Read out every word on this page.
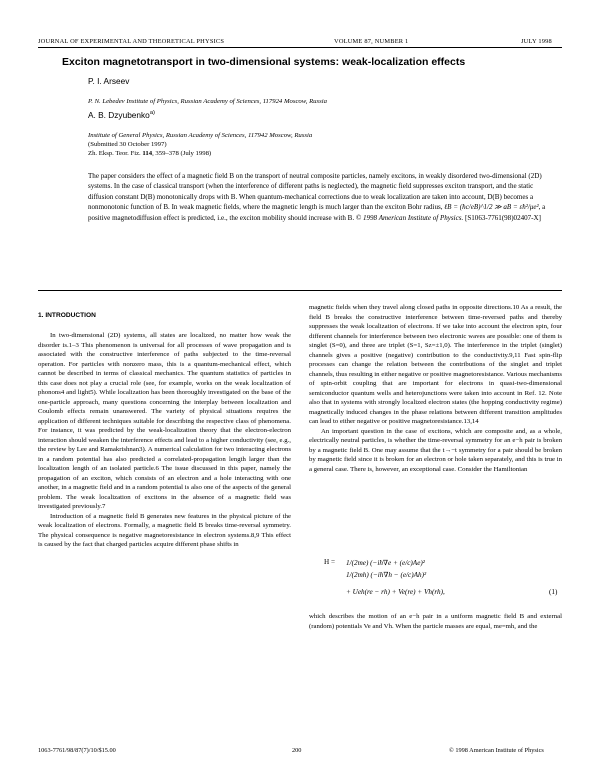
JOURNAL OF EXPERIMENTAL AND THEORETICAL PHYSICS	VOLUME 87, NUMBER 1	JULY 1998
Exciton magnetotransport in two-dimensional systems: weak-localization effects
P. I. Arseev
P. N. Lebedev Institute of Physics, Russian Academy of Sciences, 117924 Moscow, Russia
A. B. Dzyubenko$^{a)}$
Institute of General Physics, Russian Academy of Sciences, 117942 Moscow, Russia
(Submitted 30 October 1997)
Zh. Eksp. Teor. Fiz. 114, 359–378 (July 1998)
The paper considers the effect of a magnetic field B on the transport of neutral composite particles, namely excitons, in weakly disordered two-dimensional (2D) systems. In the case of classical transport (when the interference of different paths is neglected), the magnetic field suppresses exciton transport, and the static diffusion constant D(B) monotonically drops with B. When quantum-mechanical corrections due to weak localization are taken into account, D(B) becomes a nonmonotonic function of B. In weak magnetic fields, where the magnetic length is much larger than the exciton Bohr radius, ℓB = (ħc/eB)^1/2 ≫ aB = εħ²/μe², a positive magnetodiffusion effect is predicted, i.e., the exciton mobility should increase with B. © 1998 American Institute of Physics. [S1063-7761(98)02407-X]
1. INTRODUCTION

In two-dimensional (2D) systems, all states are localized, no matter how weak the disorder is.1–3 This phenomenon is universal for all processes of wave propagation and is associated with the constructive interference of paths subjected to the time-reversal operation. For particles with nonzero mass, this is a quantum-mechanical effect, which cannot be described in terms of classical mechanics. The quantum statistics of particles in this case does not play a crucial role (see, for example, works on the weak localization of phonons4 and light5). While localization has been thoroughly investigated on the base of the one-particle approach, many questions concerning the interplay between localization and Coulomb effects remain unanswered. The variety of physical situations requires the application of different techniques suitable for describing the respective class of phenomena. For instance, it was predicted by the weak-localization theory that the electron-electron interaction should weaken the interference effects and lead to a higher conductivity (see, e.g., the review by Lee and Ramakrishnan3). A numerical calculation for two interacting electrons in a random potential has also predicted a correlated-propagation length larger than the localization length of an isolated particle.6 The issue discussed in this paper, namely the propagation of an exciton, which consists of an electron and a hole interacting with one another, in a magnetic field and in a random potential is also one of the aspects of the general problem. The weak localization of excitons in the absence of a magnetic field was investigated previously.7

Introduction of a magnetic field B generates new features in the physical picture of the weak localization of electrons. Formally, a magnetic field B breaks time-reversal symmetry. The physical consequence is negative magnetoresistance in electron systems.8,9 This effect is caused by the fact that charged particles acquire different phase shifts in

magnetic fields when they travel along closed paths in opposite directions.10 As a result, the field B breaks the constructive interference between time-reversed paths and thereby suppresses the weak localization of electrons. If we take into account the electron spin, four different channels for interference between two electronic waves are possible: one of them is singlet (S=0), and three are triplet (S=1, Sz=±1,0). The interference in the triplet (singlet) channels gives a positive (negative) contribution to the conductivity.9,11 Fast spin-flip processes can change the relation between the contributions of the singlet and triplet channels, thus resulting in either negative or positive magnetoresistance. Various mechanisms of spin-orbit coupling that are important for electrons in quasi-two-dimensional semiconductor quantum wells and heterojunctions were taken into account in Ref. 12. Note also that in systems with strongly localized electron states (the hopping conductivity regime) magnetically induced changes in the phase relations between different transition amplitudes can lead to either negative or positive magnetoresistance.13,14

An important question in the case of excitons, which are composite and, as a whole, electrically neutral particles, is whether the time-reversal symmetry for an e−h pair is broken by a magnetic field B. One may assume that the t→−t symmetry for a pair should be broken by magnetic field since it is broken for an electron or hole taken separately, and this is true in a general case. There is, however, an exceptional case. Consider the Hamiltonian

H = 1/(2me) (−iħ∇e + (e/c)Ae)²
1/(2mh) (−iħ∇h − (e/c)Ah)²
+ Ueh(re − rh) + Ve(re) + Vh(rh),	(1)

which describes the motion of an e−h pair in a uniform magnetic field B and external (random) potentials Ve and Vh. When the particle masses are equal, me=mh, and the

1063-7761/98/87(7)/10/$15.00	200	© 1998 American Institute of Physics
